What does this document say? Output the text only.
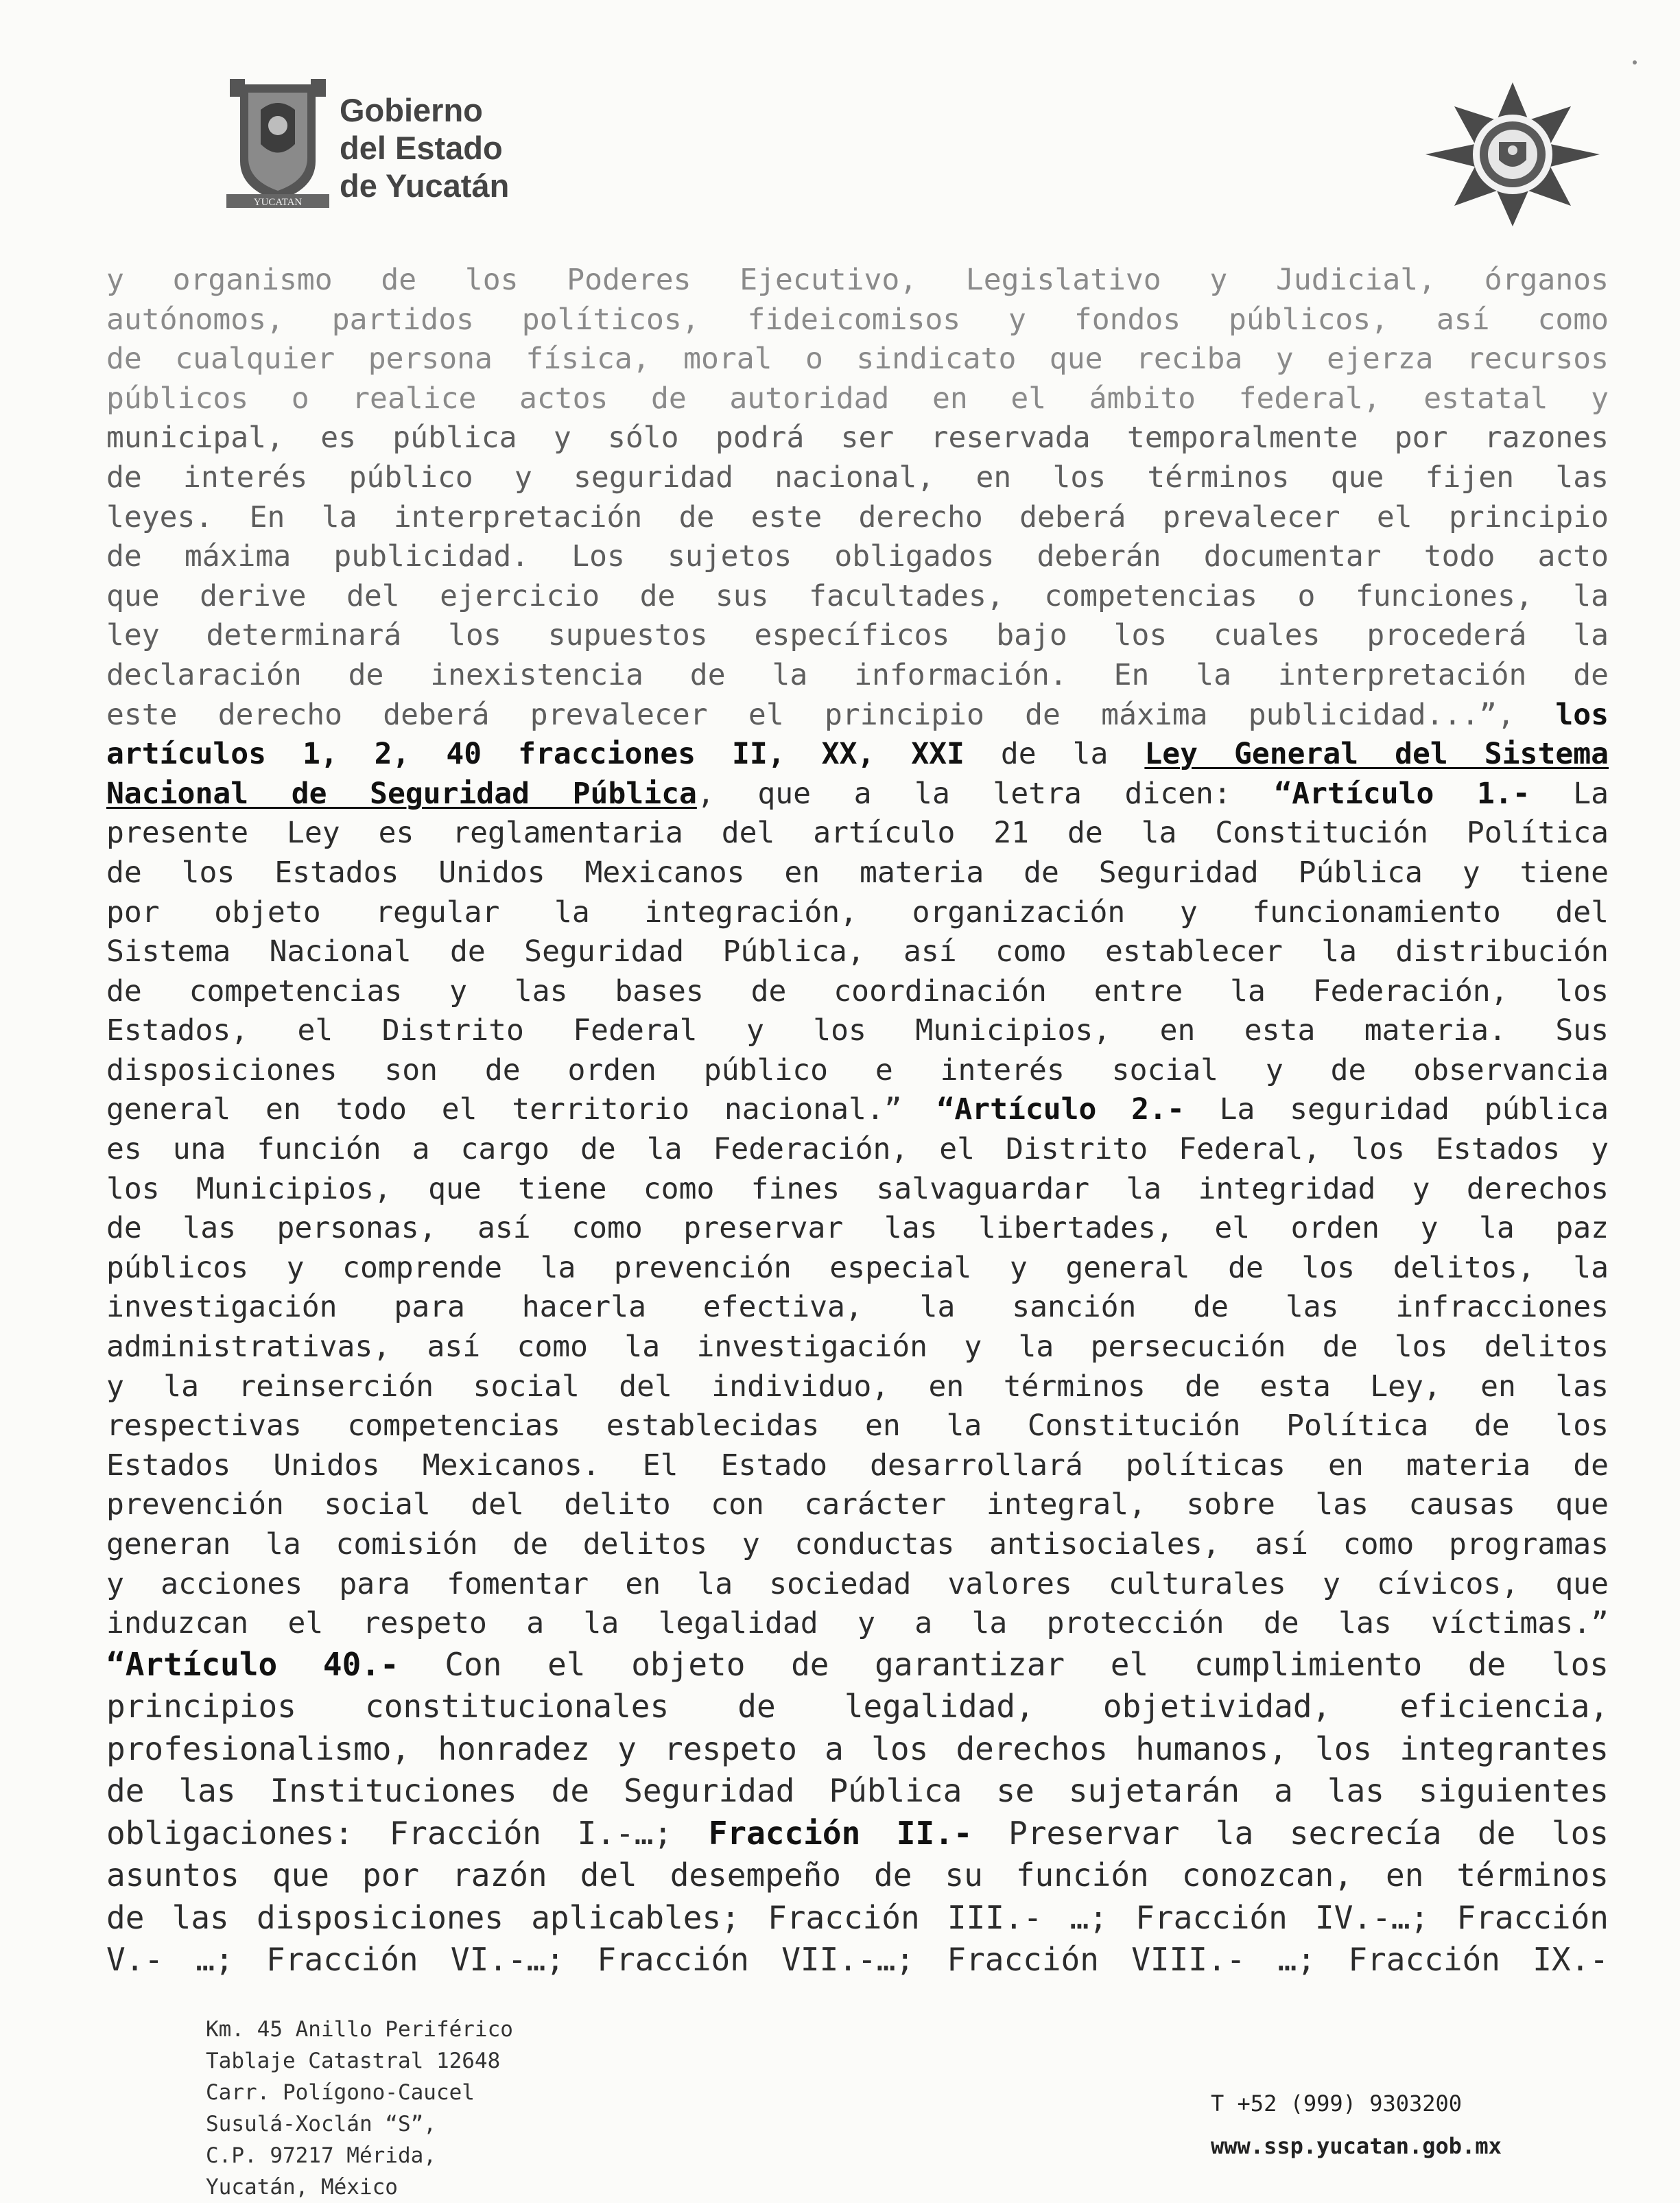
YUCATAN
Gobierno
del Estado
de Yucatán
y organismo de los Poderes Ejecutivo, Legislativo y Judicial, órganos
autónomos, partidos políticos, fideicomisos y fondos públicos, así como
de cualquier persona física, moral o sindicato que reciba y ejerza recursos
públicos o realice actos de autoridad en el ámbito federal, estatal y
municipal, es pública y sólo podrá ser reservada temporalmente por razones
de interés público y seguridad nacional, en los términos que fijen las
leyes. En la interpretación de este derecho deberá prevalecer el principio
de máxima publicidad. Los sujetos obligados deberán documentar todo acto
que derive del ejercicio de sus facultades, competencias o funciones, la
ley determinará los supuestos específicos bajo los cuales procederá la
declaración de inexistencia de la información. En la interpretación de
este derecho deberá prevalecer el principio de máxima publicidad...”, los
artículos 1, 2, 40 fracciones II, XX, XXI de la Ley General del Sistema
Nacional de Seguridad Pública, que a la letra dicen: “Artículo 1.- La
presente Ley es reglamentaria del artículo 21 de la Constitución Política
de los Estados Unidos Mexicanos en materia de Seguridad Pública y tiene
por objeto regular la integración, organización y funcionamiento del
Sistema Nacional de Seguridad Pública, así como establecer la distribución
de competencias y las bases de coordinación entre la Federación, los
Estados, el Distrito Federal y los Municipios, en esta materia. Sus
disposiciones son de orden público e interés social y de observancia
general en todo el territorio nacional.” “Artículo 2.- La seguridad pública
es una función a cargo de la Federación, el Distrito Federal, los Estados y
los Municipios, que tiene como fines salvaguardar la integridad y derechos
de las personas, así como preservar las libertades, el orden y la paz
públicos y comprende la prevención especial y general de los delitos, la
investigación para hacerla efectiva, la sanción de las infracciones
administrativas, así como la investigación y la persecución de los delitos
y la reinserción social del individuo, en términos de esta Ley, en las
respectivas competencias establecidas en la Constitución Política de los
Estados Unidos Mexicanos. El Estado desarrollará políticas en materia de
prevención social del delito con carácter integral, sobre las causas que
generan la comisión de delitos y conductas antisociales, así como programas
y acciones para fomentar en la sociedad valores culturales y cívicos, que
induzcan el respeto a la legalidad y a la protección de las víctimas.”
“Artículo 40.- Con el objeto de garantizar el cumplimiento de los
principios constitucionales de legalidad, objetividad, eficiencia,
profesionalismo, honradez y respeto a los derechos humanos, los integrantes
de las Instituciones de Seguridad Pública se sujetarán a las siguientes
obligaciones: Fracción I.-…; Fracción II.- Preservar la secrecía de los
asuntos que por razón del desempeño de su función conozcan, en términos
de las disposiciones aplicables; Fracción III.- …; Fracción IV.-…; Fracción
V.- …; Fracción VI.-…; Fracción VII.-…; Fracción VIII.- …; Fracción IX.-
Km. 45 Anillo Periférico
Tablaje Catastral 12648
Carr. Polígono-Caucel
Susulá-Xoclán “S”,
C.P. 97217 Mérida,
Yucatán, México
T +52 (999) 9303200
www.ssp.yucatan.gob.mx
